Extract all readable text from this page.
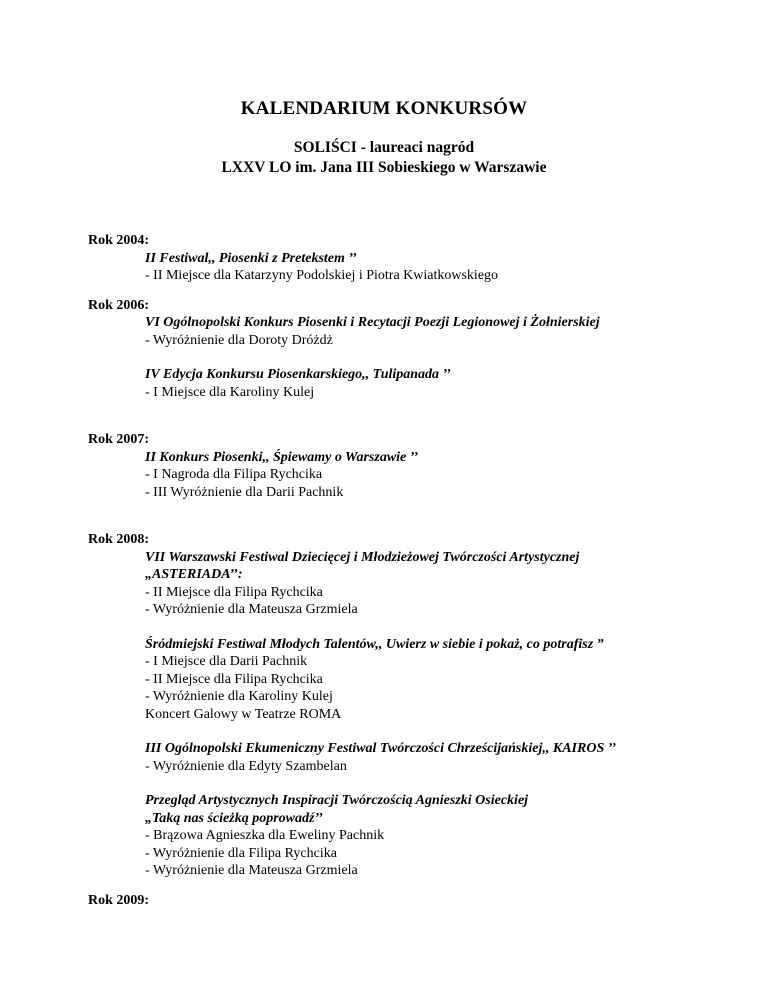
KALENDARIUM KONKURSÓW
SOLIŚCI - laureaci nagród
LXXV LO im. Jana III Sobieskiego w Warszawie
Rok 2004:
II Festiwal,, Piosenki z Pretekstem ’’
- II Miejsce dla Katarzyny Podolskiej i Piotra Kwiatkowskiego
Rok 2006:
VI Ogólnopolski Konkurs Piosenki i Recytacji Poezji Legionowej i Żołnierskiej
- Wyróżnienie dla Doroty Dróżdż
IV Edycja Konkursu Piosenkarskiego,, Tulipanada ’’
- I Miejsce dla Karoliny Kulej
Rok 2007:
II Konkurs Piosenki,, Śpiewamy o Warszawie ’’
- I Nagroda dla Filipa Rychcika
- III Wyróżnienie dla Darii Pachnik
Rok 2008:
VII Warszawski Festiwal Dziecięcej i Młodzieżowej Twórczości Artystycznej
„ASTERIADA’’:
- II Miejsce dla Filipa Rychcika
- Wyróżnienie dla Mateusza Grzmiela
Śródmiejski Festiwal Młodych Talentów,, Uwierz w siebie i pokaż, co potrafisz ”
- I Miejsce dla Darii Pachnik
- II Miejsce dla Filipa Rychcika
- Wyróżnienie dla Karoliny Kulej
Koncert Galowy w Teatrze ROMA
III Ogólnopolski Ekumeniczny Festiwal Twórczości Chrześcijańskiej,, KAIROS ’’
- Wyróżnienie dla Edyty Szambelan
Przegląd Artystycznych Inspiracji Twórczością Agnieszki Osieckiej
„Taką nas ścieżką poprowadź’’
- Brązowa Agnieszka dla Eweliny Pachnik
- Wyróżnienie dla Filipa Rychcika
- Wyróżnienie dla Mateusza Grzmiela
Rok 2009:
